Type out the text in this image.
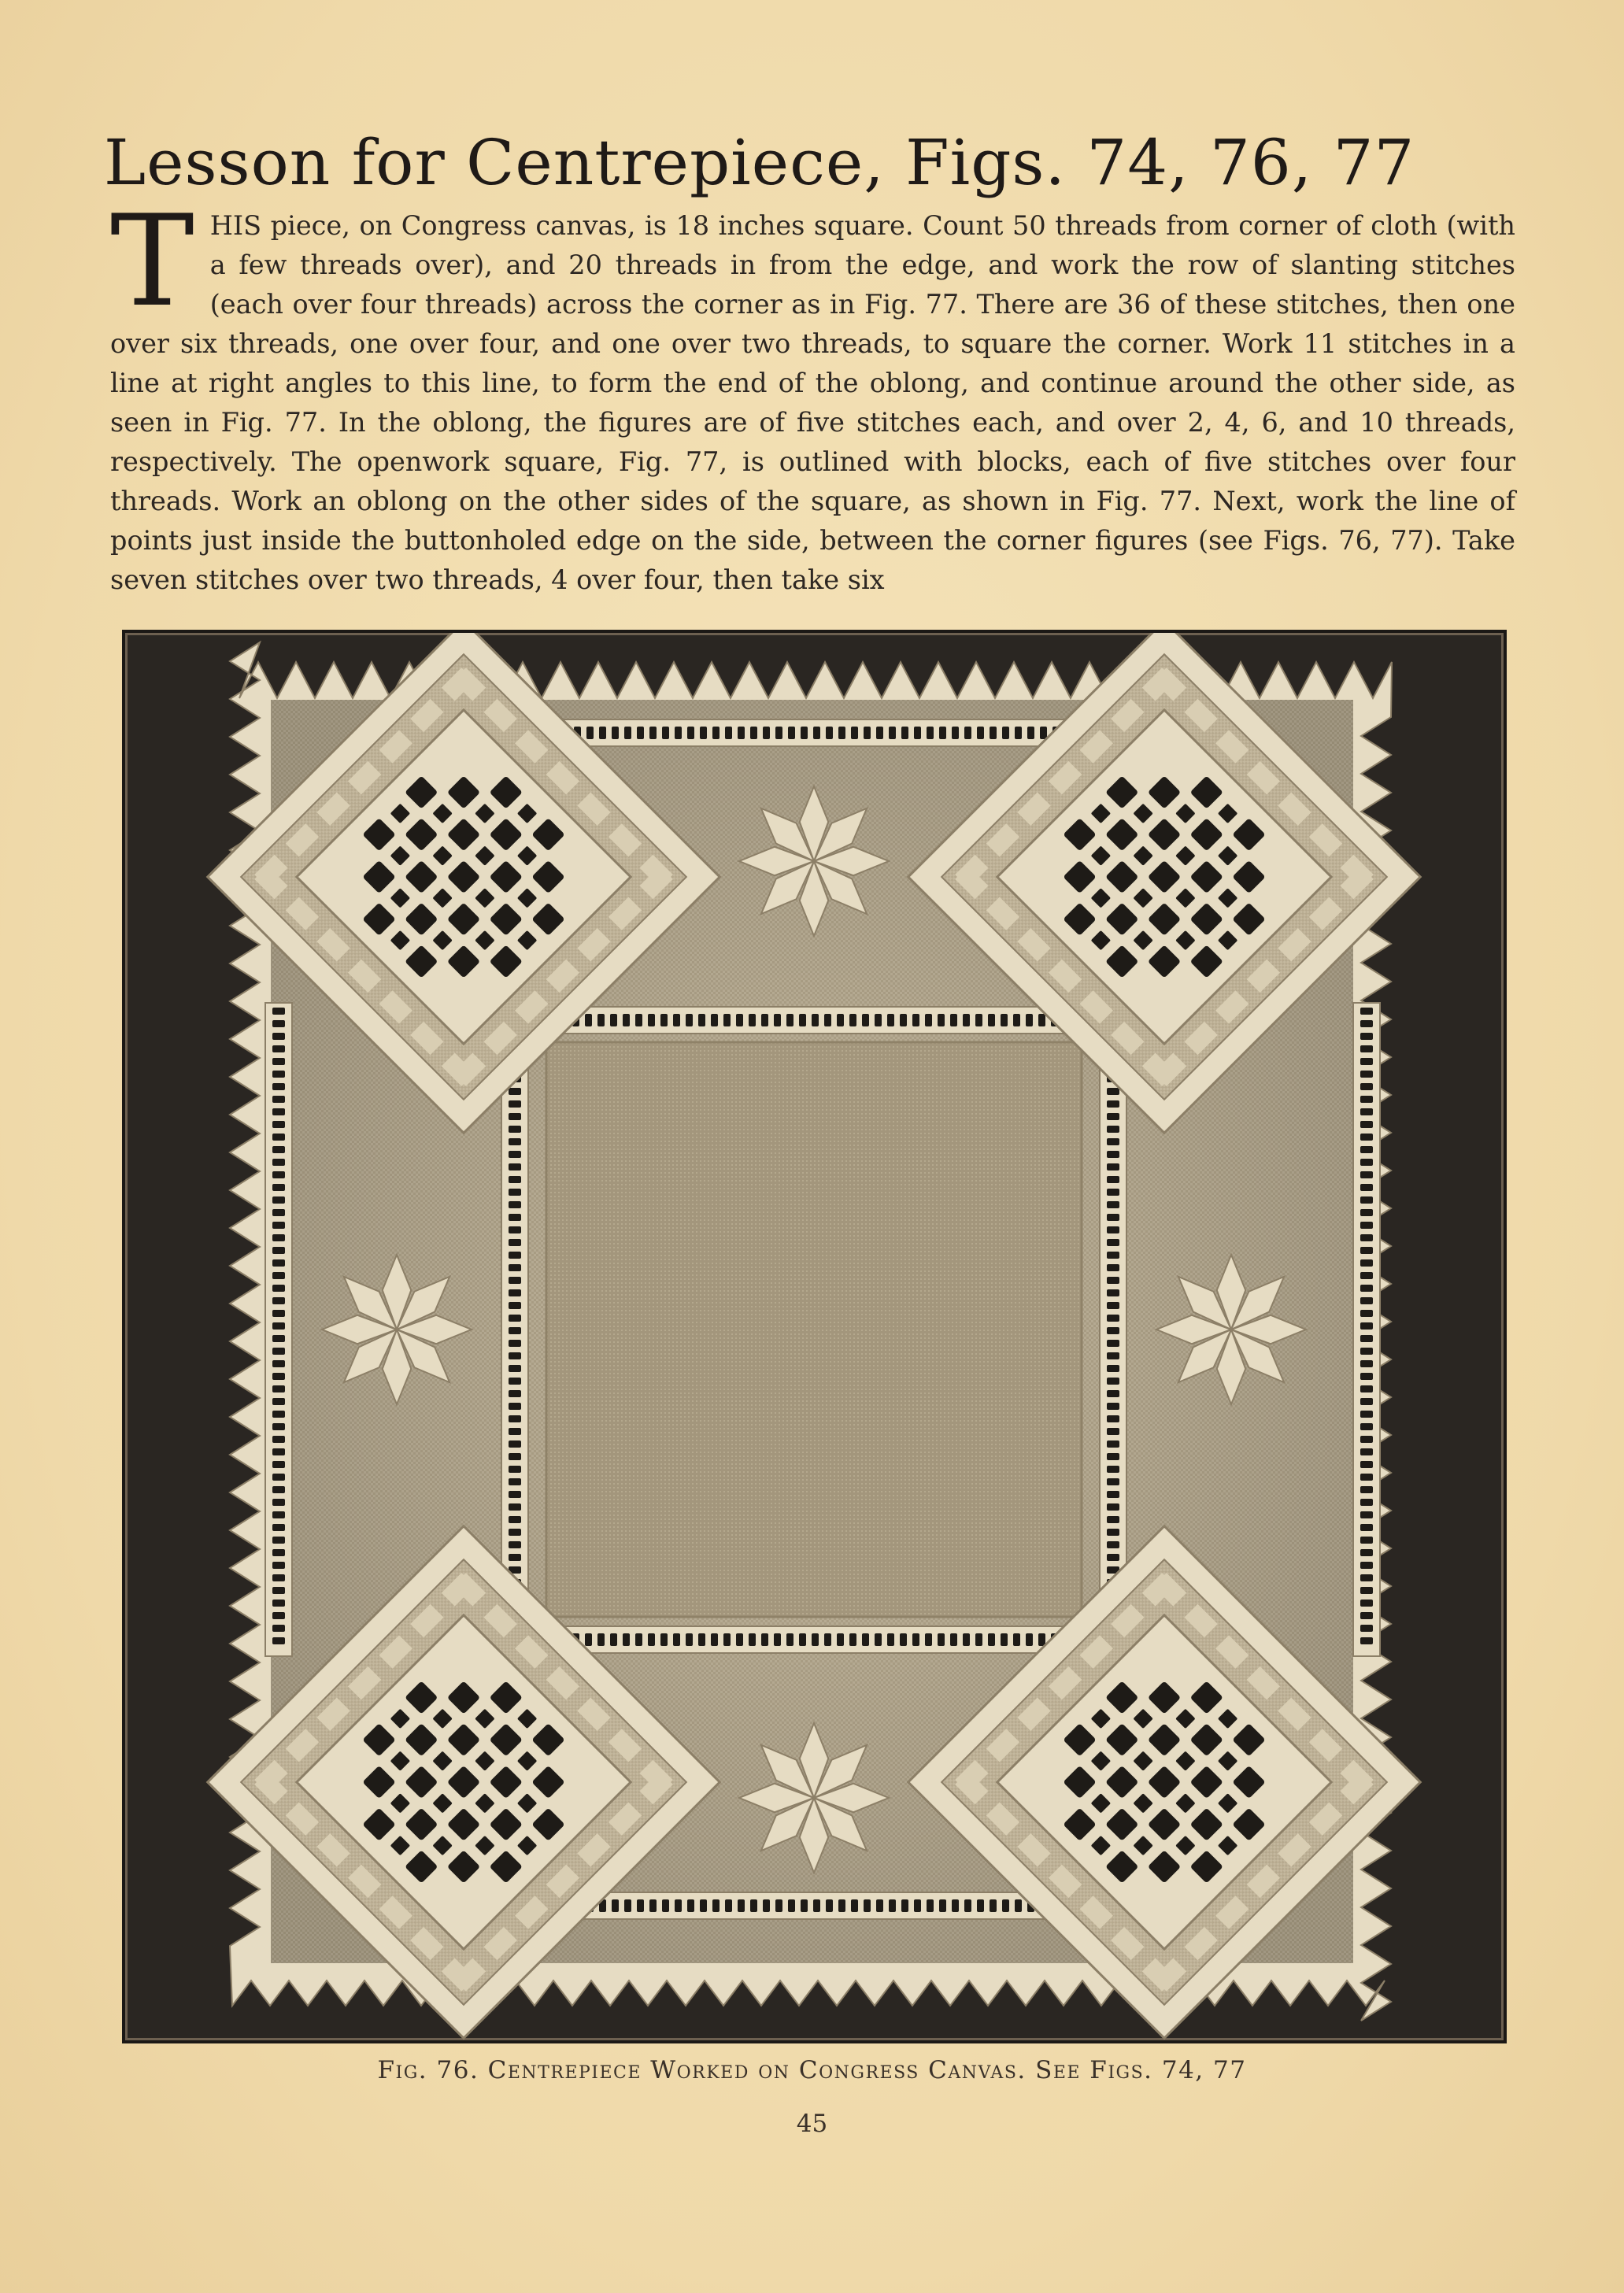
Lesson for Centrepiece, Figs. 74, 76, 77

THIS piece, on Congress canvas, is 18 inches square. Count 50 threads from corner of cloth (with a few threads over), and 20 threads in from the edge, and work the row of slanting stitches (each over four threads) across the corner as in Fig. 77. There are 36 of these stitches, then one over six threads, one over four, and one over two threads, to square the corner. Work 11 stitches in a line at right angles to this line, to form the end of the oblong, and continue around the other side, as seen in Fig. 77. In the oblong, the figures are of five stitches each, and over 2, 4, 6, and 10 threads, respectively. The openwork square, Fig. 77, is outlined with blocks, each of five stitches over four threads. Work an oblong on the other sides of the square, as shown in Fig. 77. Next, work the line of points just inside the buttonholed edge on the side, between the corner figures (see Figs. 76, 77). Take seven stitches over two threads, 4 over four, then take six

Fig. 76. Centrepiece Worked on Congress Canvas. See Figs. 74, 77

45
